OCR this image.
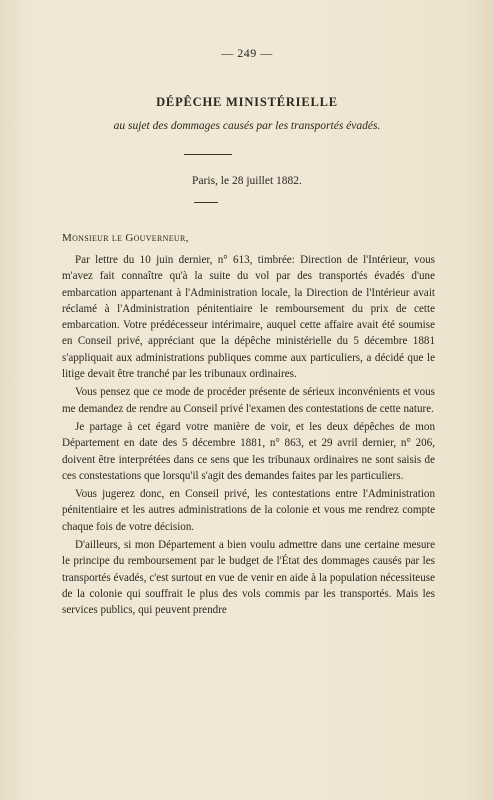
— 249 —
DÉPÊCHE MINISTÉRIELLE
au sujet des dommages causés par les transportés évadés.
Paris, le 28 juillet 1882.
Monsieur le Gouverneur,

Par lettre du 10 juin dernier, n° 613, timbrée: Direction de l'Intérieur, vous m'avez fait connaître qu'à la suite du vol par des transportés évadés d'une embarcation appartenant à l'Administration locale, la Direction de l'Intérieur avait réclamé à l'Administration pénitentiaire le remboursement du prix de cette embarcation. Votre prédécesseur intérimaire, auquel cette affaire avait été soumise en Conseil privé, appréciant que la dépêche ministérielle du 5 décembre 1881 s'appliquait aux administrations publiques comme aux particuliers, a décidé que le litige devait être tranché par les tribunaux ordinaires.

Vous pensez que ce mode de procéder présente de sérieux inconvénients et vous me demandez de rendre au Conseil privé l'examen des contestations de cette nature.

Je partage à cet égard votre manière de voir, et les deux dépêches de mon Département en date des 5 décembre 1881, n° 863, et 29 avril dernier, n° 206, doivent être interprétées dans ce sens que les tribunaux ordinaires ne sont saisis de ces constestations que lorsqu'il s'agit des demandes faites par les particuliers.

Vous jugerez donc, en Conseil privé, les contestations entre l'Administration pénitentiaire et les autres administrations de la colonie et vous me rendrez compte chaque fois de votre décision.

D'ailleurs, si mon Département a bien voulu admettre dans une certaine mesure le principe du remboursement par le budget de l'État des dommages causés par les transportés évadés, c'est surtout en vue de venir en aide à la population nécessiteuse de la colonie qui souffrait le plus des vols commis par les transportés. Mais les services publics, qui peuvent prendre
